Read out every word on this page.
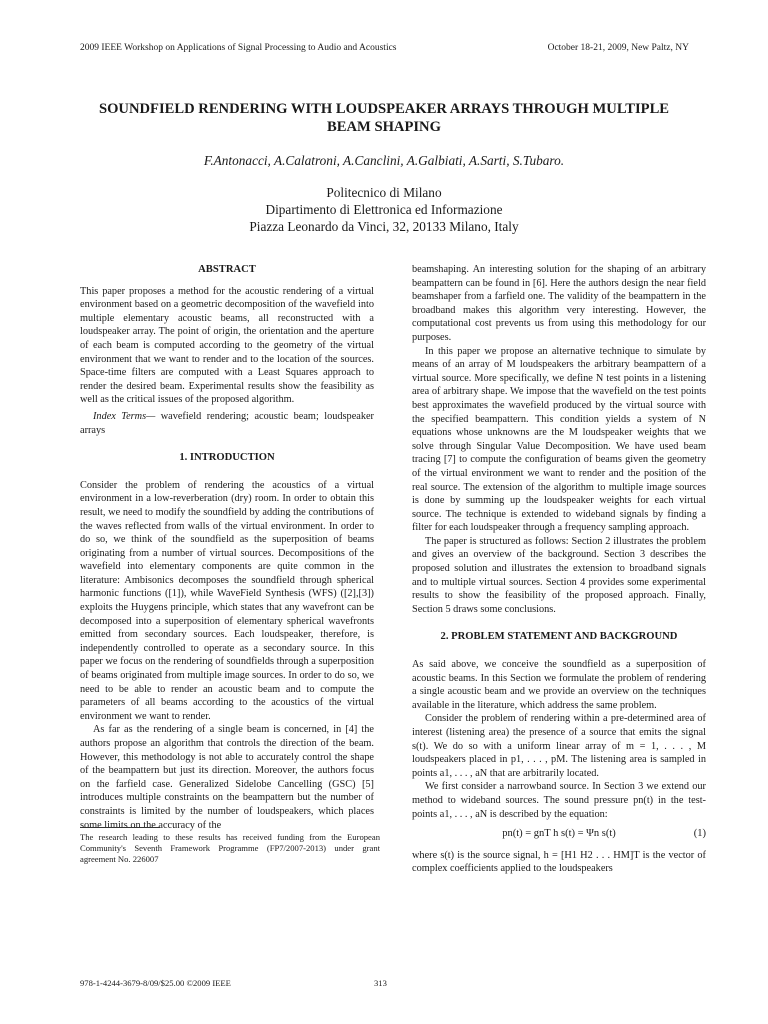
2009 IEEE Workshop on Applications of Signal Processing to Audio and Acoustics	October 18-21, 2009, New Paltz, NY
SOUNDFIELD RENDERING WITH LOUDSPEAKER ARRAYS THROUGH MULTIPLE
BEAM SHAPING
F.Antonacci, A.Calatroni, A.Canclini, A.Galbiati, A.Sarti, S.Tubaro.
Politecnico di Milano
Dipartimento di Elettronica ed Informazione
Piazza Leonardo da Vinci, 32, 20133 Milano, Italy
ABSTRACT

This paper proposes a method for the acoustic rendering of a virtual environment based on a geometric decomposition of the wavefield into multiple elementary acoustic beams, all reconstructed with a loudspeaker array. The point of origin, the orientation and the aperture of each beam is computed according to the geometry of the virtual environment that we want to render and to the location of the sources. Space-time filters are computed with a Least Squares approach to render the desired beam. Experimental results show the feasibility as well as the critical issues of the proposed algorithm.

Index Terms— wavefield rendering; acoustic beam; loudspeaker arrays

1. INTRODUCTION

Consider the problem of rendering the acoustics of a virtual environment in a low-reverberation (dry) room. In order to obtain this result, we need to modify the soundfield by adding the contributions of the waves reflected from walls of the virtual environment. In order to do so, we think of the soundfield as the superposition of beams originating from a number of virtual sources. Decompositions of the wavefield into elementary components are quite common in the literature: Ambisonics decomposes the soundfield through spherical harmonic functions ([1]), while WaveField Synthesis (WFS) ([2],[3]) exploits the Huygens principle, which states that any wavefront can be decomposed into a superposition of elementary spherical wavefronts emitted from secondary sources. Each loudspeaker, therefore, is independently controlled to operate as a secondary source. In this paper we focus on the rendering of soundfields through a superposition of beams originated from multiple image sources. In order to do so, we need to be able to render an acoustic beam and to compute the parameters of all beams according to the acoustics of the virtual environment we want to render.

As far as the rendering of a single beam is concerned, in [4] the authors propose an algorithm that controls the direction of the beam. However, this methodology is not able to accurately control the shape of the beampattern but just its direction. Moreover, the authors focus on the farfield case. Generalized Sidelobe Cancelling (GSC) [5] introduces multiple constraints on the beampattern but the number of constraints is limited by the number of loudspeakers, which places some limits on the accuracy of the

The research leading to these results has received funding from the European Community's Seventh Framework Programme (FP7/2007-2013) under grant agreement No. 226007

beamshaping. An interesting solution for the shaping of an arbitrary beampattern can be found in [6]. Here the authors design the near field beamshaper from a farfield one. The validity of the beampattern in the broadband makes this algorithm very interesting. However, the computational cost prevents us from using this methodology for our purposes.

In this paper we propose an alternative technique to simulate by means of an array of M loudspeakers the arbitrary beampattern of a virtual source. More specifically, we define N test points in a listening area of arbitrary shape. We impose that the wavefield on the test points best approximates the wavefield produced by the virtual source with the specified beampattern. This condition yields a system of N equations whose unknowns are the M loudspeaker weights that we solve through Singular Value Decomposition. We have used beam tracing [7] to compute the configuration of beams given the geometry of the virtual environment we want to render and the position of the real source. The extension of the algorithm to multiple image sources is done by summing up the loudspeaker weights for each virtual source. The technique is extended to wideband signals by finding a filter for each loudspeaker through a frequency sampling approach.

The paper is structured as follows: Section 2 illustrates the problem and gives an overview of the background. Section 3 describes the proposed solution and illustrates the extension to broadband signals and to multiple virtual sources. Section 4 provides some experimental results to show the feasibility of the proposed approach. Finally, Section 5 draws some conclusions.

2. PROBLEM STATEMENT AND BACKGROUND

As said above, we conceive the soundfield as a superposition of acoustic beams. In this Section we formulate the problem of rendering a single acoustic beam and we provide an overview on the techniques available in the literature, which address the same problem.

Consider the problem of rendering within a pre-determined area of interest (listening area) the presence of a source that emits the signal s(t). We do so with a uniform linear array of m = 1, . . . , M loudspeakers placed in p1, . . . , pM. The listening area is sampled in points a1, . . . , aN that are arbitrarily located.

We first consider a narrowband source. In Section 3 we extend our method to wideband sources. The sound pressure pn(t) in the test-points a1, . . . , aN is described by the equation:

pn(t) = gnT h s(t) = Ψn s(t)	(1)

where s(t) is the source signal, h = [H1 H2 . . . HM]T is the vector of complex coefficients applied to the loudspeakers

978-1-4244-3679-8/09/$25.00 ©2009 IEEE	313
